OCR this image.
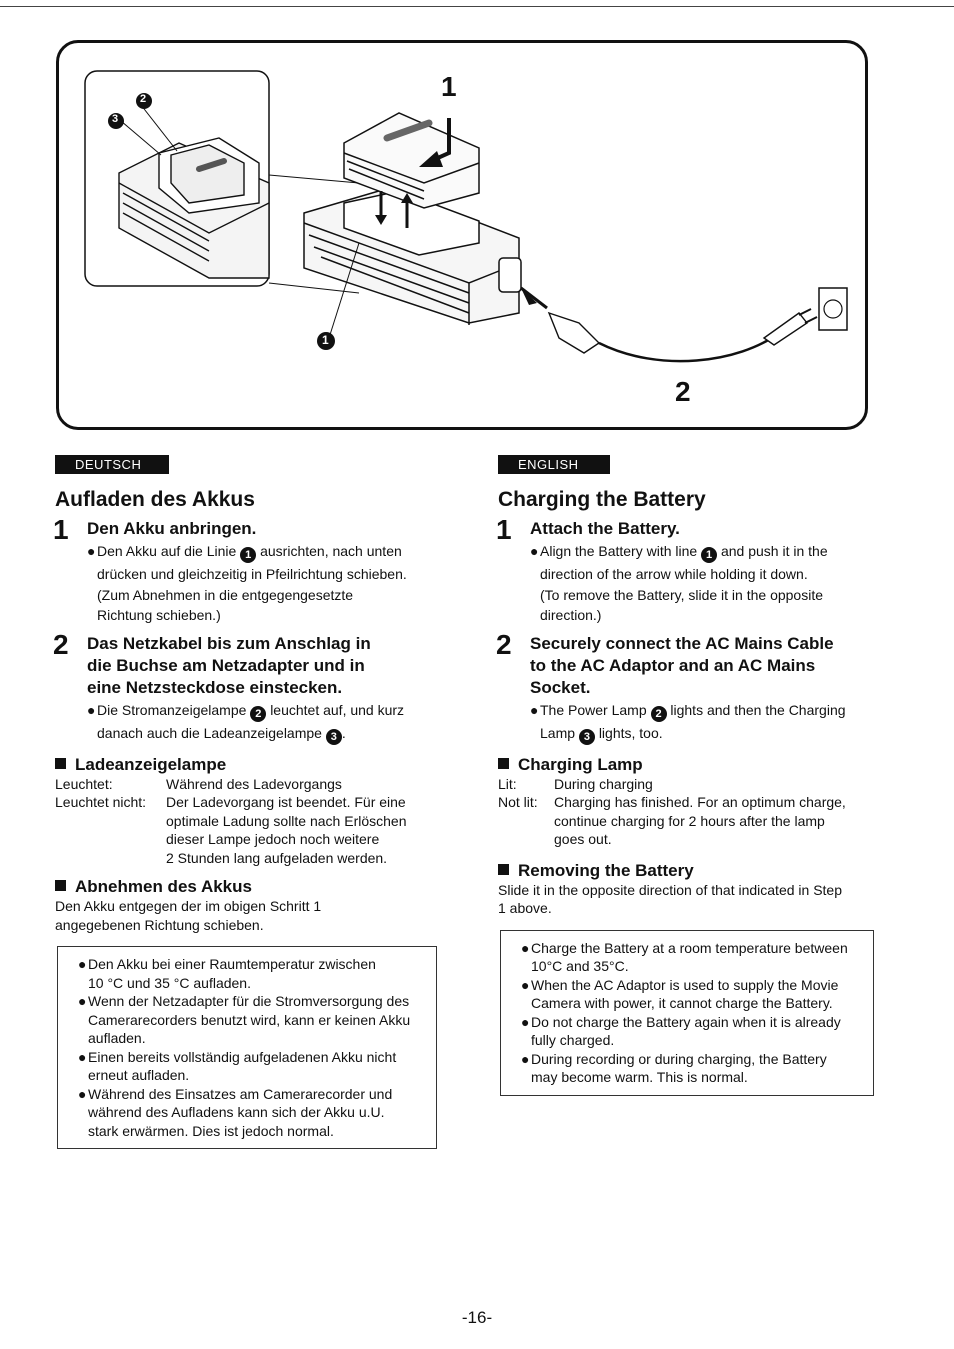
1
2
2
3
1
DEUTSCH
Aufladen des Akkus
1 Den Akku anbringen.
● Den Akku auf die Linie 1 ausrichten, nach unten
drücken und gleichzeitig in Pfeilrichtung schieben.
(Zum Abnehmen in die entgegengesetzte
Richtung schieben.)
2 Das Netzkabel bis zum Anschlag in
die Buchse am Netzadapter und in
eine Netzsteckdose einstecken.
● Die Stromanzeigelampe 2 leuchtet auf, und kurz
danach auch die Ladeanzeigelampe 3 .
Ladeanzeigelampe
Leuchtet:	Während des Ladevorgangs
Leuchtet nicht:	Der Ladevorgang ist beendet. Für eine
optimale Ladung sollte nach Erlöschen
dieser Lampe jedoch noch weitere
2 Stunden lang aufgeladen werden.
Abnehmen des Akkus
Den Akku entgegen der im obigen Schritt 1
angegebenen Richtung schieben.
● Den Akku bei einer Raumtemperatur zwischen
10 °C und 35 °C aufladen.
● Wenn der Netzadapter für die Stromversorgung des
Camerarecorders benutzt wird, kann er keinen Akku
aufladen.
● Einen bereits vollständig aufgeladenen Akku nicht
erneut aufladen.
● Während des Einsatzes am Camerarecorder und
während des Aufladens kann sich der Akku u.U.
stark erwärmen. Dies ist jedoch normal.
ENGLISH
Charging the Battery
1 Attach the Battery.
● Align the Battery with line 1 and push it in the
direction of the arrow while holding it down.
(To remove the Battery, slide it in the opposite
direction.)
2 Securely connect the AC Mains Cable
to the AC Adaptor and an AC Mains
Socket.
● The Power Lamp 2 lights and then the Charging
Lamp 3 lights, too.
Charging Lamp
Lit:	During charging
Not lit:	Charging has finished. For an optimum charge,
continue charging for 2 hours after the lamp
goes out.
Removing the Battery
Slide it in the opposite direction of that indicated in Step
1 above.
● Charge the Battery at a room temperature between
10°C and 35°C.
● When the AC Adaptor is used to supply the Movie
Camera with power, it cannot charge the Battery.
● Do not charge the Battery again when it is already
fully charged.
● During recording or during charging, the Battery
may become warm. This is normal.
-16-
